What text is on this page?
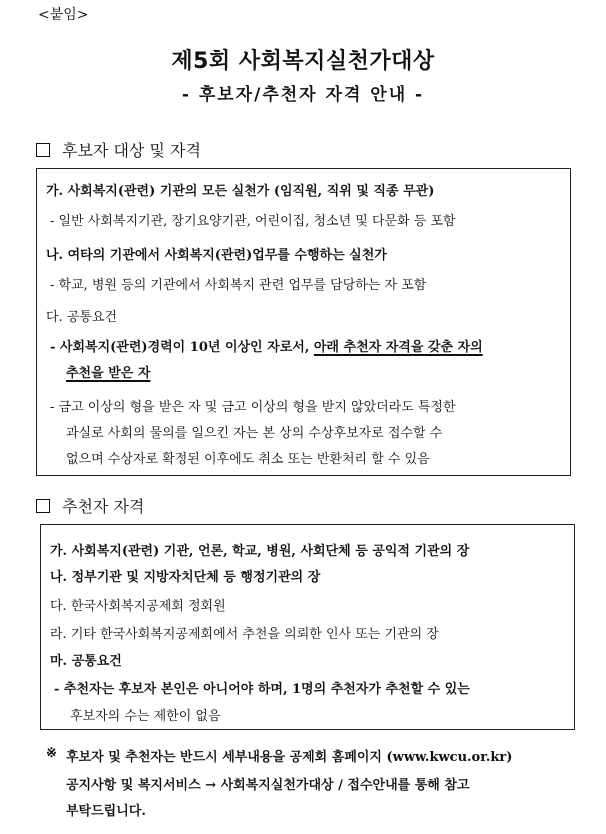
<붙임>
제5회 사회복지실천가대상
- 후보자/추천자 자격 안내 -
후보자 대상 및 자격
가. 사회복지(관련) 기관의 모든 실천가 (임직원, 직위 및 직종 무관)
- 일반 사회복지기관, 장기요양기관, 어린이집, 청소년 및 다문화 등 포함
나. 여타의 기관에서 사회복지(관련)업무를 수행하는 실천가
- 학교, 병원 등의 기관에서 사회복지 관련 업무를 담당하는 자 포함
다. 공통요건
- 사회복지(관련)경력이 10년 이상인 자로서, 아래 추천자 자격을 갖춘 자의
추천을 받은 자
- 금고 이상의 형을 받은 자 및 금고 이상의 형을 받지 않았더라도 특정한
과실로 사회의 물의를 일으킨 자는 본 상의 수상후보자로 접수할 수
없으며 수상자로 확정된 이후에도 취소 또는 반환처리 할 수 있음
추천자 자격
가. 사회복지(관련) 기관, 언론, 학교, 병원, 사회단체 등 공익적 기관의 장
나. 정부기관 및 지방자치단체 등 행정기관의 장
다. 한국사회복지공제회 정회원
라. 기타 한국사회복지공제회에서 추천을 의뢰한 인사 또는 기관의 장
마. 공통요건
- 추천자는 후보자 본인은 아니어야 하며, 1명의 추천자가 추천할 수 있는
후보자의 수는 제한이 없음
※ 후보자 및 추천자는 반드시 세부내용을 공제회 홈페이지 (www.kwcu.or.kr)
공지사항 및 복지서비스 → 사회복지실천가대상 / 접수안내를 통해 참고
부탁드립니다.
